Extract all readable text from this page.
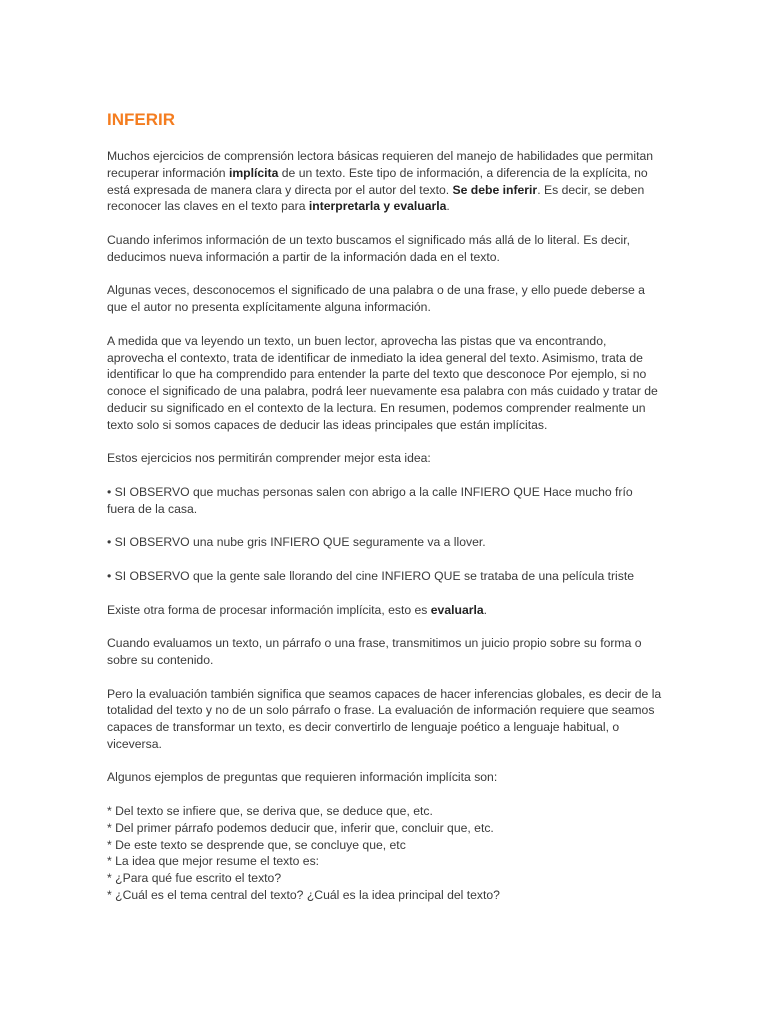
INFERIR

Muchos ejercicios de comprensión lectora básicas requieren del manejo de habilidades que permitan recuperar información implícita de un texto. Este tipo de información, a diferencia de la explícita, no está expresada de manera clara y directa por el autor del texto. Se debe inferir. Es decir, se deben reconocer las claves en el texto para interpretarla y evaluarla.

Cuando inferimos información de un texto buscamos el significado más allá de lo literal. Es decir, deducimos nueva información a partir de la información dada en el texto.

Algunas veces, desconocemos el significado de una palabra o de una frase, y ello puede deberse a que el autor no presenta explícitamente alguna información.

A medida que va leyendo un texto, un buen lector, aprovecha las pistas que va encontrando, aprovecha el contexto, trata de identificar de inmediato la idea general del texto. Asimismo, trata de identificar lo que ha comprendido para entender la parte del texto que desconoce Por ejemplo, si no conoce el significado de una palabra, podrá leer nuevamente esa palabra con más cuidado y tratar de deducir su significado en el contexto de la lectura. En resumen, podemos comprender realmente un texto solo si somos capaces de deducir las ideas principales que están implícitas.

Estos ejercicios nos permitirán comprender mejor esta idea:

• SI OBSERVO que muchas personas salen con abrigo a la calle INFIERO QUE Hace mucho frío fuera de la casa.

• SI OBSERVO una nube gris INFIERO QUE seguramente va a llover.

• SI OBSERVO que la gente sale llorando del cine INFIERO QUE se trataba de una película triste

Existe otra forma de procesar información implícita, esto es evaluarla.

Cuando evaluamos un texto, un párrafo o una frase, transmitimos un juicio propio sobre su forma o sobre su contenido.

Pero la evaluación también significa que seamos capaces de hacer inferencias globales, es decir de la totalidad del texto y no de un solo párrafo o frase. La evaluación de información requiere que seamos capaces de transformar un texto, es decir convertirlo de lenguaje poético a lenguaje habitual, o viceversa.

Algunos ejemplos de preguntas que requieren información implícita son:

* Del texto se infiere que, se deriva que, se deduce que, etc.

* Del primer párrafo podemos deducir que, inferir que, concluir que, etc.

* De este texto se desprende que, se concluye que, etc

* La idea que mejor resume el texto es:

* ¿Para qué fue escrito el texto?

* ¿Cuál es el tema central del texto? ¿Cuál es la idea principal del texto?
